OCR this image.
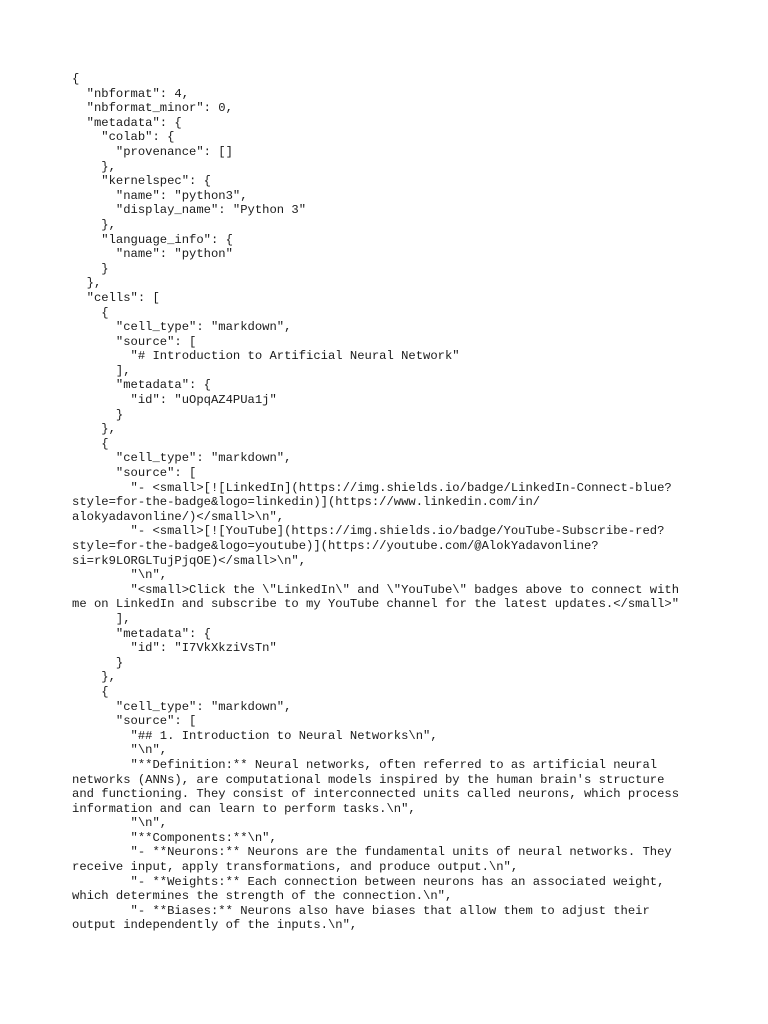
{
"nbformat": 4,
"nbformat_minor": 0,
"metadata": {
"colab": {
"provenance": []
},
"kernelspec": {
"name": "python3",
"display_name": "Python 3"
},
"language_info": {
"name": "python"
}
},
"cells": [
{
"cell_type": "markdown",
"source": [
"# Introduction to Artificial Neural Network"
],
"metadata": {
"id": "uOpqAZ4PUa1j"
}
},
{
"cell_type": "markdown",
"source": [
"- <small>[![LinkedIn](https://img.shields.io/badge/LinkedIn-Connect-blue?
style=for-the-badge&logo=linkedin)](https://www.linkedin.com/in/
alokyadavonline/)</small>\n",
"- <small>[![YouTube](https://img.shields.io/badge/YouTube-Subscribe-red?
style=for-the-badge&logo=youtube)](https://youtube.com/@AlokYadavonline?
si=rk9LORGLTujPjqOE)</small>\n",
"\n",
"<small>Click the \"LinkedIn\" and \"YouTube\" badges above to connect with
me on LinkedIn and subscribe to my YouTube channel for the latest updates.</small>"
],
"metadata": {
"id": "I7VkXkziVsTn"
}
},
{
"cell_type": "markdown",
"source": [
"## 1. Introduction to Neural Networks\n",
"\n",
"**Definition:** Neural networks, often referred to as artificial neural
networks (ANNs), are computational models inspired by the human brain's structure
and functioning. They consist of interconnected units called neurons, which process
information and can learn to perform tasks.\n",
"\n",
"**Components:**\n",
"- **Neurons:** Neurons are the fundamental units of neural networks. They
receive input, apply transformations, and produce output.\n",
"- **Weights:** Each connection between neurons has an associated weight,
which determines the strength of the connection.\n",
"- **Biases:** Neurons also have biases that allow them to adjust their
output independently of the inputs.\n",
